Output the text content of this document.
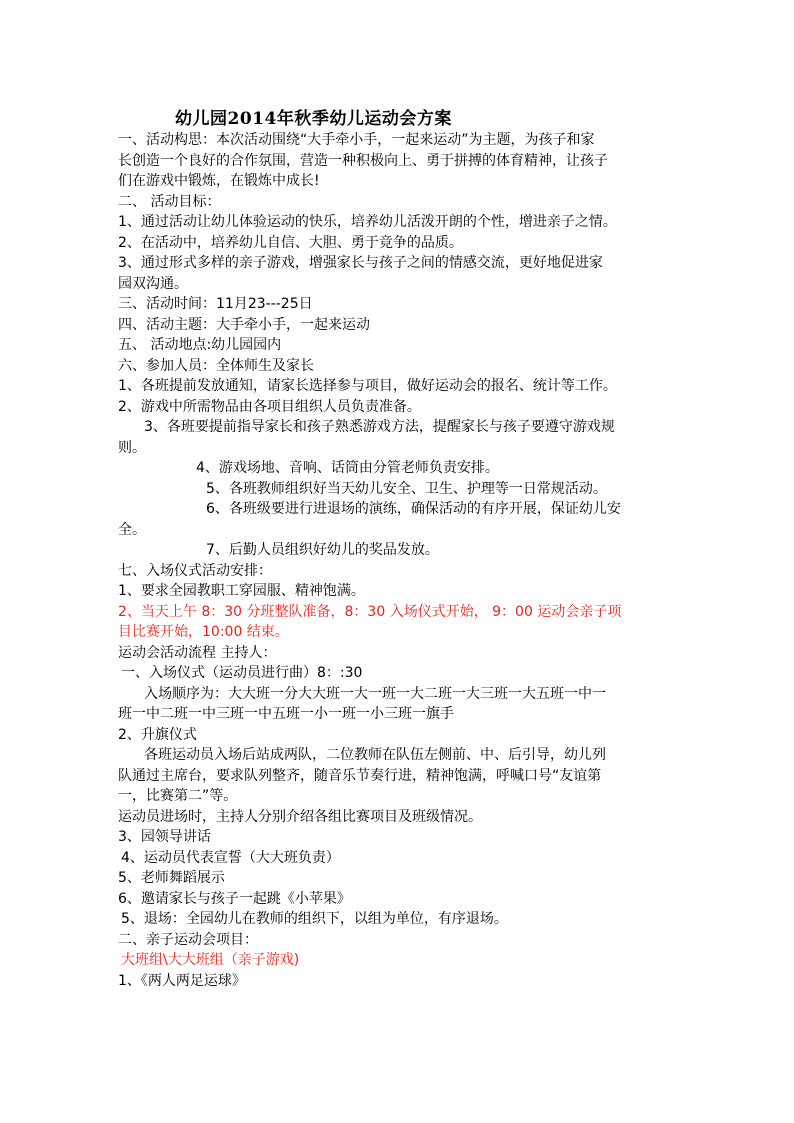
幼儿园2014年秋季幼儿运动会方案
一、活动构思：本次活动围绕“大手牵小手，一起来运动”为主题，为孩子和家
长创造一个良好的合作氛围，营造一种积极向上、勇于拼搏的体育精神，让孩子
们在游戏中锻炼，在锻炼中成长!
二、 活动目标：
1、通过活动让幼儿体验运动的快乐，培养幼儿活泼开朗的个性，增进亲子之情。
2、在活动中，培养幼儿自信、大胆、勇于竞争的品质。
3、通过形式多样的亲子游戏，增强家长与孩子之间的情感交流，更好地促进家
园双沟通。
三、活动时间：11月23---25日
四、活动主题：大手牵小手，一起来运动
五、 活动地点:幼儿园园内
六、参加人员：全体师生及家长
1、各班提前发放通知，请家长选择参与项目，做好运动会的报名、统计等工作。
2、游戏中所需物品由各项目组织人员负责准备。
3、各班要提前指导家长和孩子熟悉游戏方法，提醒家长与孩子要遵守游戏规
则。
4、游戏场地、音响、话筒由分管老师负责安排。
5、各班教师组织好当天幼儿安全、卫生、护理等一日常规活动。
6、各班级要进行进退场的演练，确保活动的有序开展，保证幼儿安
全。
7、后勤人员组织好幼儿的奖品发放。
七、入场仪式活动安排：
1、要求全园教职工穿园服、精神饱满。
2、当天上午 8：30 分班整队准备，8：30 入场仪式开始， 9：00 运动会亲子项
目比赛开始，10:00 结束。
运动会活动流程 主持人：
一、入场仪式（运动员进行曲）8：:30
入场顺序为：大大班一分大大班一大一班一大二班一大三班一大五班一中一
班一中二班一中三班一中五班一小一班一小三班一旗手
2、升旗仪式
各班运动员入场后站成两队，二位教师在队伍左侧前、中、后引导，幼儿列
队通过主席台，要求队列整齐，随音乐节奏行进，精神饱满，呼喊口号“友谊第
一，比赛第二”等。
运动员进场时，主持人分别介绍各组比赛项目及班级情况。
3、园领导讲话
4、运动员代表宣誓（大大班负责）
5、老师舞蹈展示
6、邀请家长与孩子一起跳《小苹果》
5、退场：全园幼儿在教师的组织下，以组为单位，有序退场。
二、亲子运动会项目：
大班组\大大班组（亲子游戏)
1、《两人两足运球》
